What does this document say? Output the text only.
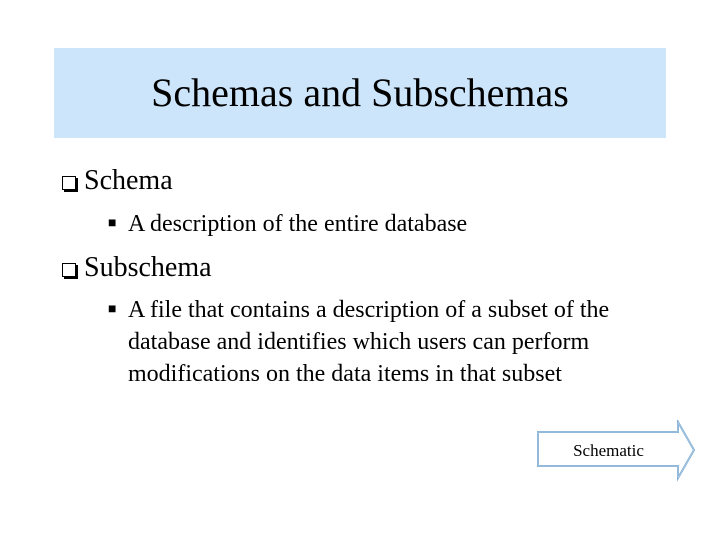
Schemas and Subschemas
Schema
■ A description of the entire database
Subschema
■ A file that contains a description of a subset of the database and identifies which users can perform modifications on the data items in that subset
Schematic
